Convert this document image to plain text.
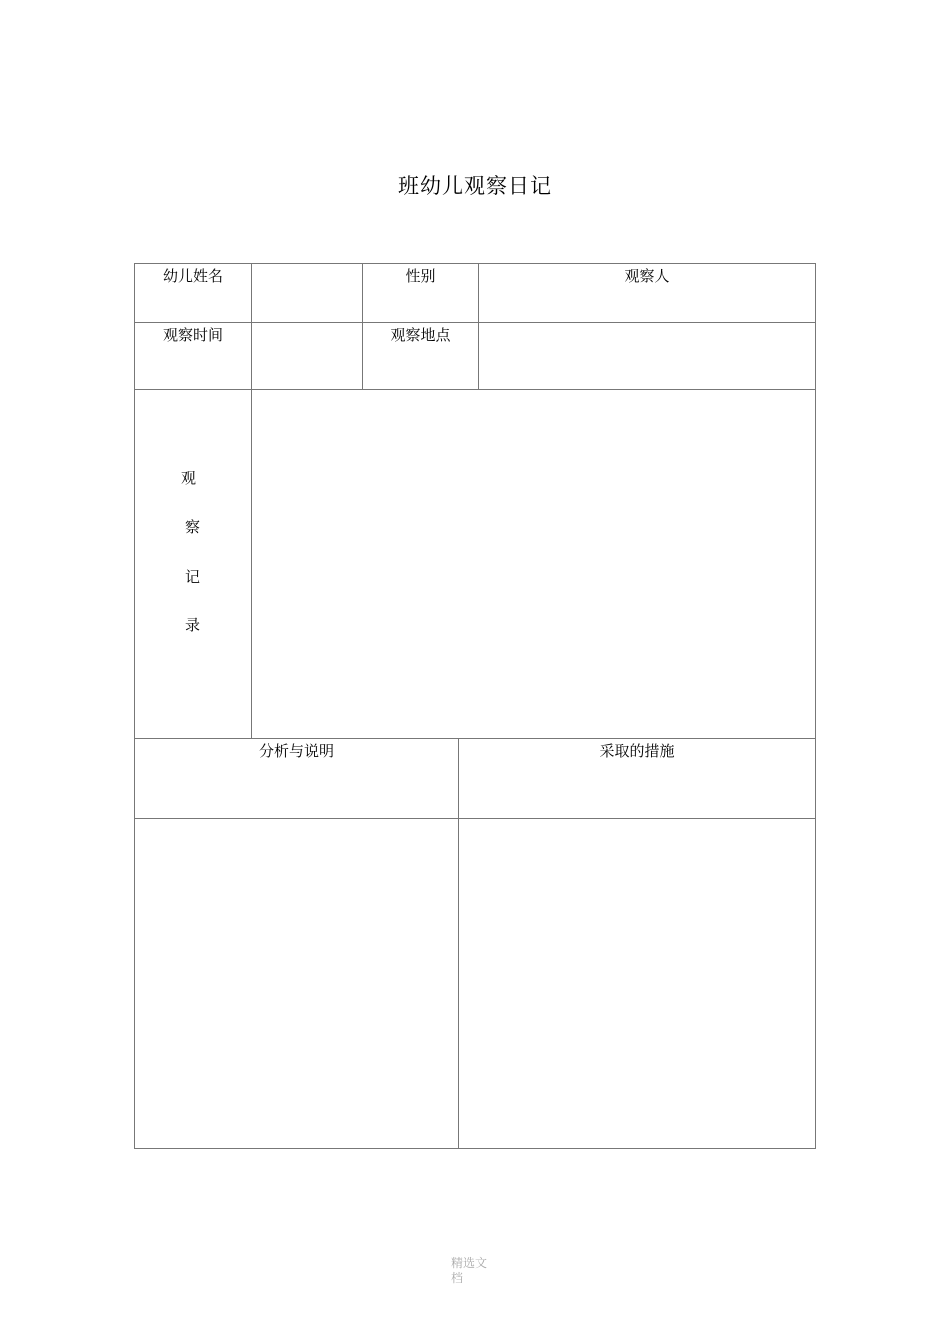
班幼儿观察日记
幼儿姓名	性别	观察人
观察时间	观察地点
观
察
记
录
分析与说明	采取的措施
精选文
档
